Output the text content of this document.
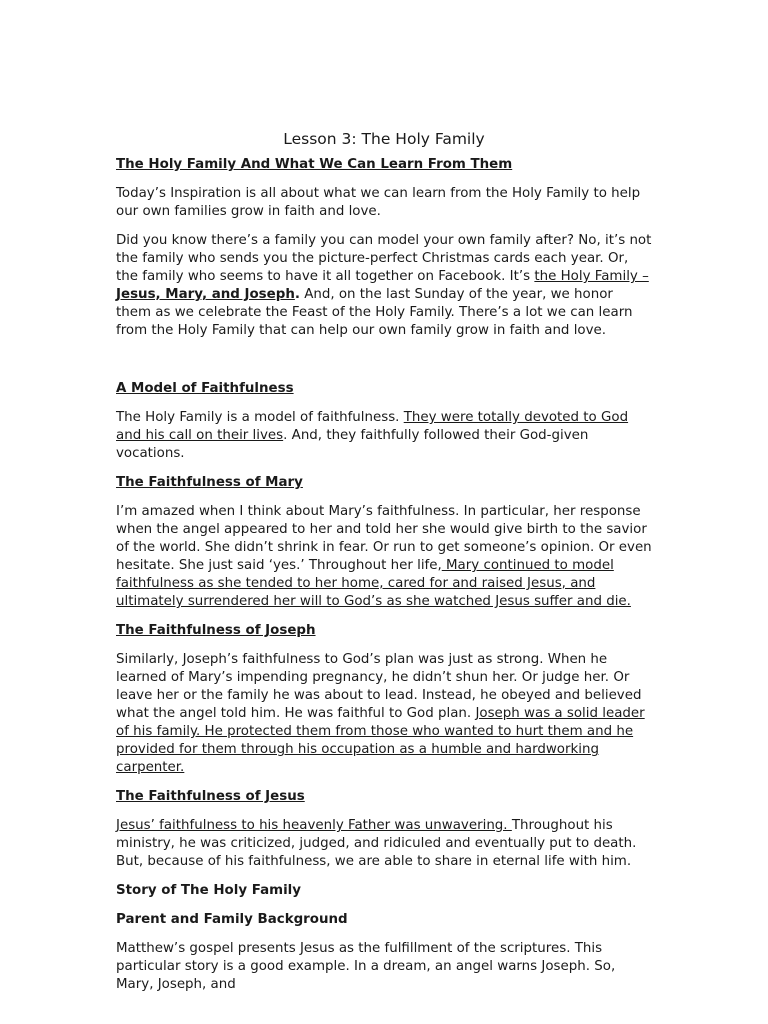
Lesson 3: The Holy Family
The Holy Family And What We Can Learn From Them

Today’s Inspiration is all about what we can learn from the Holy Family to help our own families grow in faith and love.

Did you know there’s a family you can model your own family after? No, it’s not the family who sends you the picture-perfect Christmas cards each year. Or, the family who seems to have it all together on Facebook. It’s the Holy Family – Jesus, Mary, and Joseph. And, on the last Sunday of the year, we honor them as we celebrate the Feast of the Holy Family. There’s a lot we can learn from the Holy Family that can help our own family grow in faith and love.

A Model of Faithfulness

The Holy Family is a model of faithfulness. They were totally devoted to God and his call on their lives. And, they faithfully followed their God-given vocations.

The Faithfulness of Mary

I’m amazed when I think about Mary’s faithfulness. In particular, her response when the angel appeared to her and told her she would give birth to the savior of the world. She didn’t shrink in fear. Or run to get someone’s opinion. Or even hesitate. She just said ‘yes.’ Throughout her life, Mary continued to model faithfulness as she tended to her home, cared for and raised Jesus, and ultimately surrendered her will to God’s as she watched Jesus suffer and die.

The Faithfulness of Joseph

Similarly, Joseph’s faithfulness to God’s plan was just as strong. When he learned of Mary’s impending pregnancy, he didn’t shun her. Or judge her. Or leave her or the family he was about to lead. Instead, he obeyed and believed what the angel told him. He was faithful to God plan. Joseph was a solid leader of his family. He protected them from those who wanted to hurt them and he provided for them through his occupation as a humble and hardworking carpenter.

The Faithfulness of Jesus

Jesus’ faithfulness to his heavenly Father was unwavering. Throughout his ministry, he was criticized, judged, and ridiculed and eventually put to death. But, because of his faithfulness, we are able to share in eternal life with him.

Story of The Holy Family
Parent and Family Background

Matthew’s gospel presents Jesus as the fulfillment of the scriptures. This particular story is a good example. In a dream, an angel warns Joseph. So, Mary, Joseph, and
